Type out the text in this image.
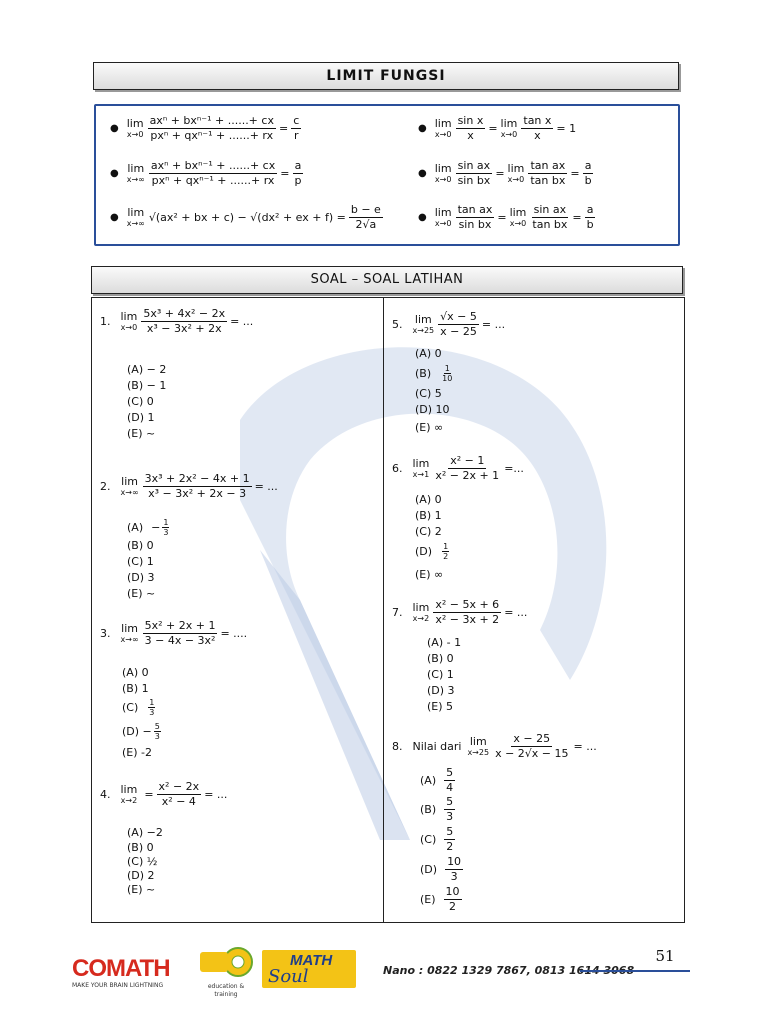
LIMIT FUNGSI
● lim
$x\to 0 \frac{\text{axⁿ + bxⁿ⁻¹ + ......+ cx}}{\text{pxⁿ + qxⁿ⁻¹ + ......+ rx}} = \frac{c}{r}$
● lim
$x\to\infty \frac{\text{axⁿ + bxⁿ⁻¹ + ......+ cx}}{\text{pxⁿ + qxⁿ⁻¹ + ......+ rx}} = \frac{a}{p}$
● lim
x→∞ √(ax² + bx + c) − √(dx² + ex + $f) = \frac{b - e}{2√a}$
● lim
$x\to 0 \frac{\text{sin x}}{x} = \lim$
$x\to 0 \frac{\text{tan x}}{x} = 1$
● lim
$x\to 0 \frac{\text{sin ax}}{\text{sin bx}} = \lim$
$x\to 0 \frac{\text{tan ax}}{\text{tan bx}} = \frac{a}{b}$
● lim
$x\to 0 \frac{\text{tan ax}}{\text{sin bx}} = \lim$
$x\to 0 \frac{\text{sin ax}}{\text{tan bx}} = \frac{a}{b}$
SOAL – SOAL LATIHAN
1. lim
$x\to 0 \frac{\text{5x³ + 4x² − 2x}}{\text{x³ − 3x² + 2x}}$ = ...
(A) − 2
(B) − 1
(C) 0
(D) 1
(E) ~
2. lim
$x\to\infty \frac{\text{3x³ + 2x² − 4x + 1}}{\text{x³ − 3x² + 2x − 3}}$ = ...
$(A) - \frac{1}{3}$
(B) 0
(C) 1
(D) 3
(E) ~
3. lim
$x\to\infty \frac{\text{5x² + 2x + 1}}{\text{3 − 4x − 3x²}}$ = ....
(A) 0
(B) 1
(C) 1
3
$(D) - \frac{5}{3}$
(E) -2
4. lim
$x\to 2 = \frac{\text{x² − 2x}}{\text{x² − 4}}$ = ...
(A) −2
(B) 0
(C) ½
(D) 2
(E) ~
5. lim
$x\to 25 \frac{√x - 5}{x - 25}$ = ...
(A) 0
(B) 1
10
(C) 5
(D) 10
(E) ∞
6. lim
$x\to 1 \frac{\text{x² − 1}}{\text{x² − 2x + 1}}$ =...
(A) 0
(B) 1
(C) 2
(D) 1
2
(E) ∞
7. lim
$x\to 2 \frac{\text{x² − 5x + 6}}{\text{x² − 3x + 2}}$ = ...
(A) - 1
(B) 0
(C) 1
(D) 3
(E) 5
8. Nilai dari lim
$x\to 25 \frac{x - 25}{x - 2√x - 15}$ = ...
$(A) \frac{5}{4}$
$(B) \frac{5}{3}$
$(C) \frac{5}{2}$
$(D) \frac{10}{3}$
$(E) \frac{10}{2}$
COMATH
MAKE YOUR BRAIN LIGHTNING	education & training
MATH
Soul	Nano : 0822 1329 7867, 0813 1614 3068
51
